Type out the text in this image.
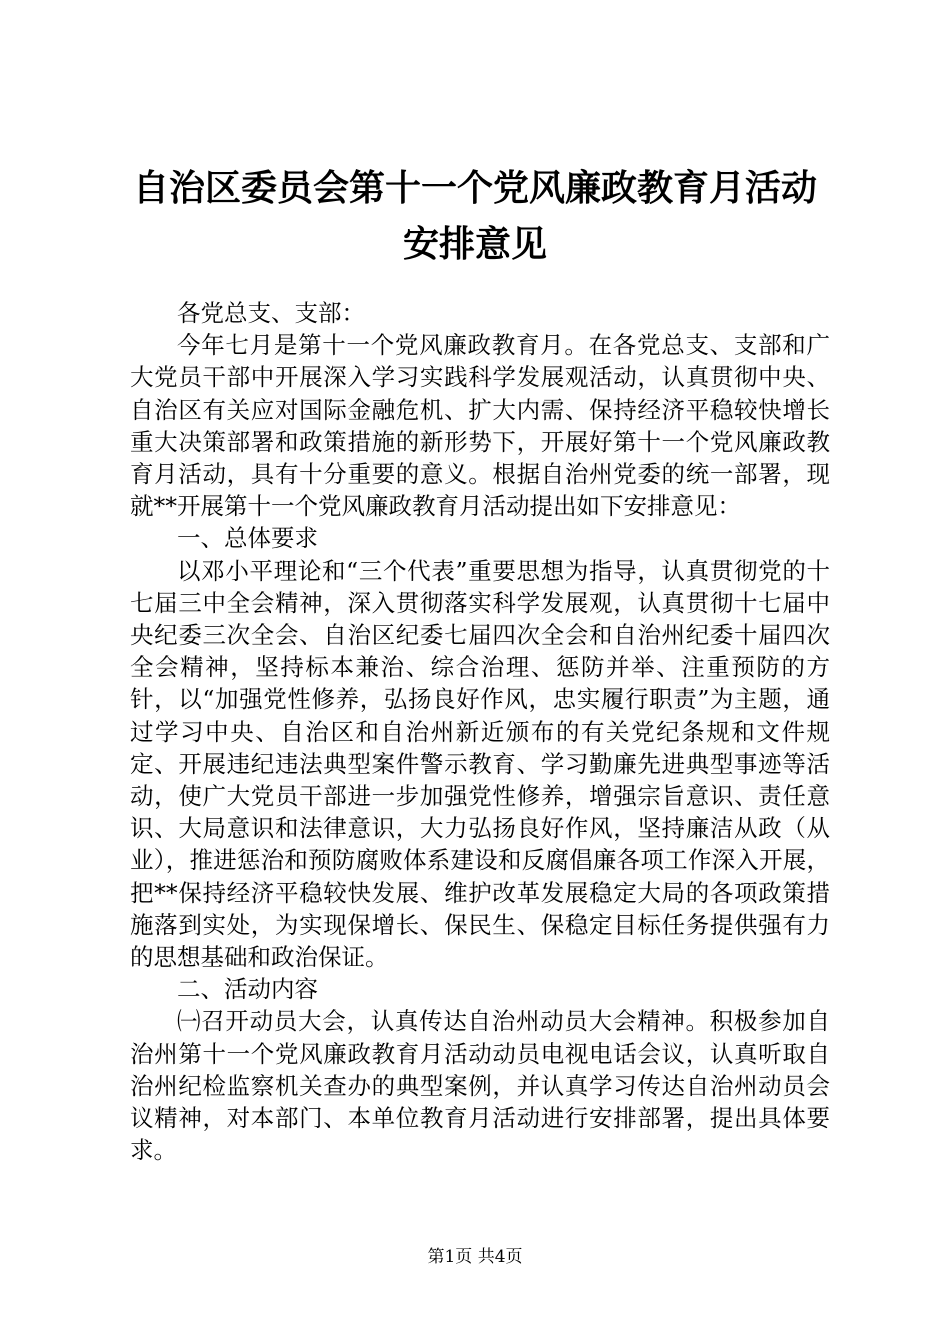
自治区委员会第十一个党风廉政教育月活动安排意见

各党总支、支部：

今年七月是第十一个党风廉政教育月。在各党总支、支部和广大党员干部中开展深入学习实践科学发展观活动，认真贯彻中央、自治区有关应对国际金融危机、扩大内需、保持经济平稳较快增长重大决策部署和政策措施的新形势下，开展好第十一个党风廉政教育月活动，具有十分重要的意义。根据自治州党委的统一部署，现就**开展第十一个党风廉政教育月活动提出如下安排意见：

一、总体要求

以邓小平理论和“三个代表”重要思想为指导，认真贯彻党的十七届三中全会精神，深入贯彻落实科学发展观，认真贯彻十七届中央纪委三次全会、自治区纪委七届四次全会和自治州纪委十届四次全会精神，坚持标本兼治、综合治理、惩防并举、注重预防的方针，以“加强党性修养，弘扬良好作风，忠实履行职责”为主题，通过学习中央、自治区和自治州新近颁布的有关党纪条规和文件规定、开展违纪违法典型案件警示教育、学习勤廉先进典型事迹等活动，使广大党员干部进一步加强党性修养，增强宗旨意识、责任意识、大局意识和法律意识，大力弘扬良好作风，坚持廉洁从政（从业），推进惩治和预防腐败体系建设和反腐倡廉各项工作深入开展，把**保持经济平稳较快发展、维护改革发展稳定大局的各项政策措施落到实处，为实现保增长、保民生、保稳定目标任务提供强有力的思想基础和政治保证。

二、活动内容

㈠召开动员大会，认真传达自治州动员大会精神。积极参加自治州第十一个党风廉政教育月活动动员电视电话会议，认真听取自治州纪检监察机关查办的典型案例，并认真学习传达自治州动员会议精神，对本部门、本单位教育月活动进行安排部署，提出具体要求。

第1页 共4页
